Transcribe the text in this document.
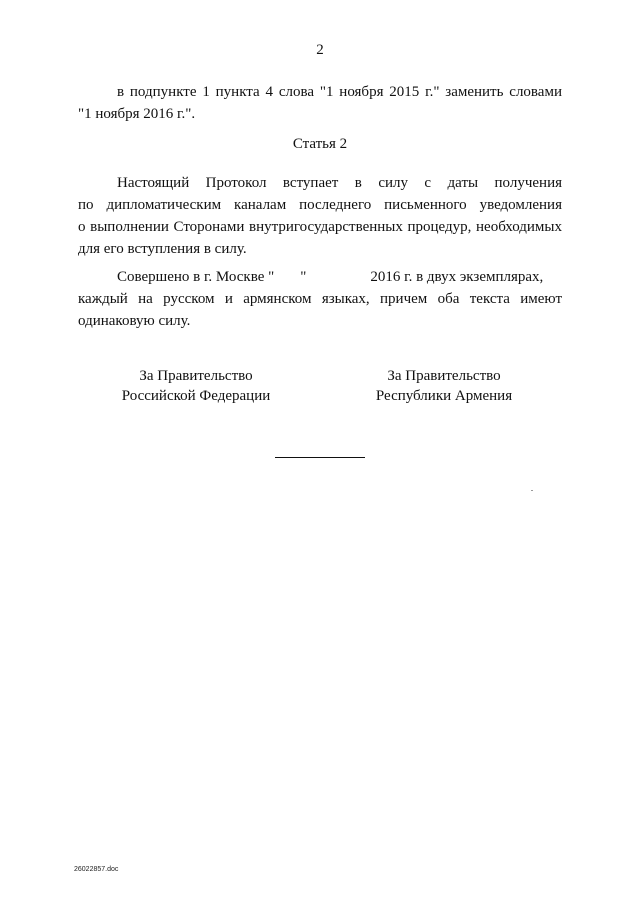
2
в подпункте 1 пункта 4 слова "1 ноября 2015 г." заменить словами
"1 ноября 2016 г.".
Статья 2
Настоящий Протокол вступает в силу с даты получения
по дипломатическим каналам последнего письменного уведомления
о выполнении Сторонами внутригосударственных процедур, необходимых
для его вступления в силу.
Совершено в г. Москве " "	2016 г. в двух экземплярах,
каждый на русском и армянском языках, причем оба текста имеют
одинаковую силу.
За Правительство
Российской Федерации
За Правительство
Республики Армения
26022857.doc
